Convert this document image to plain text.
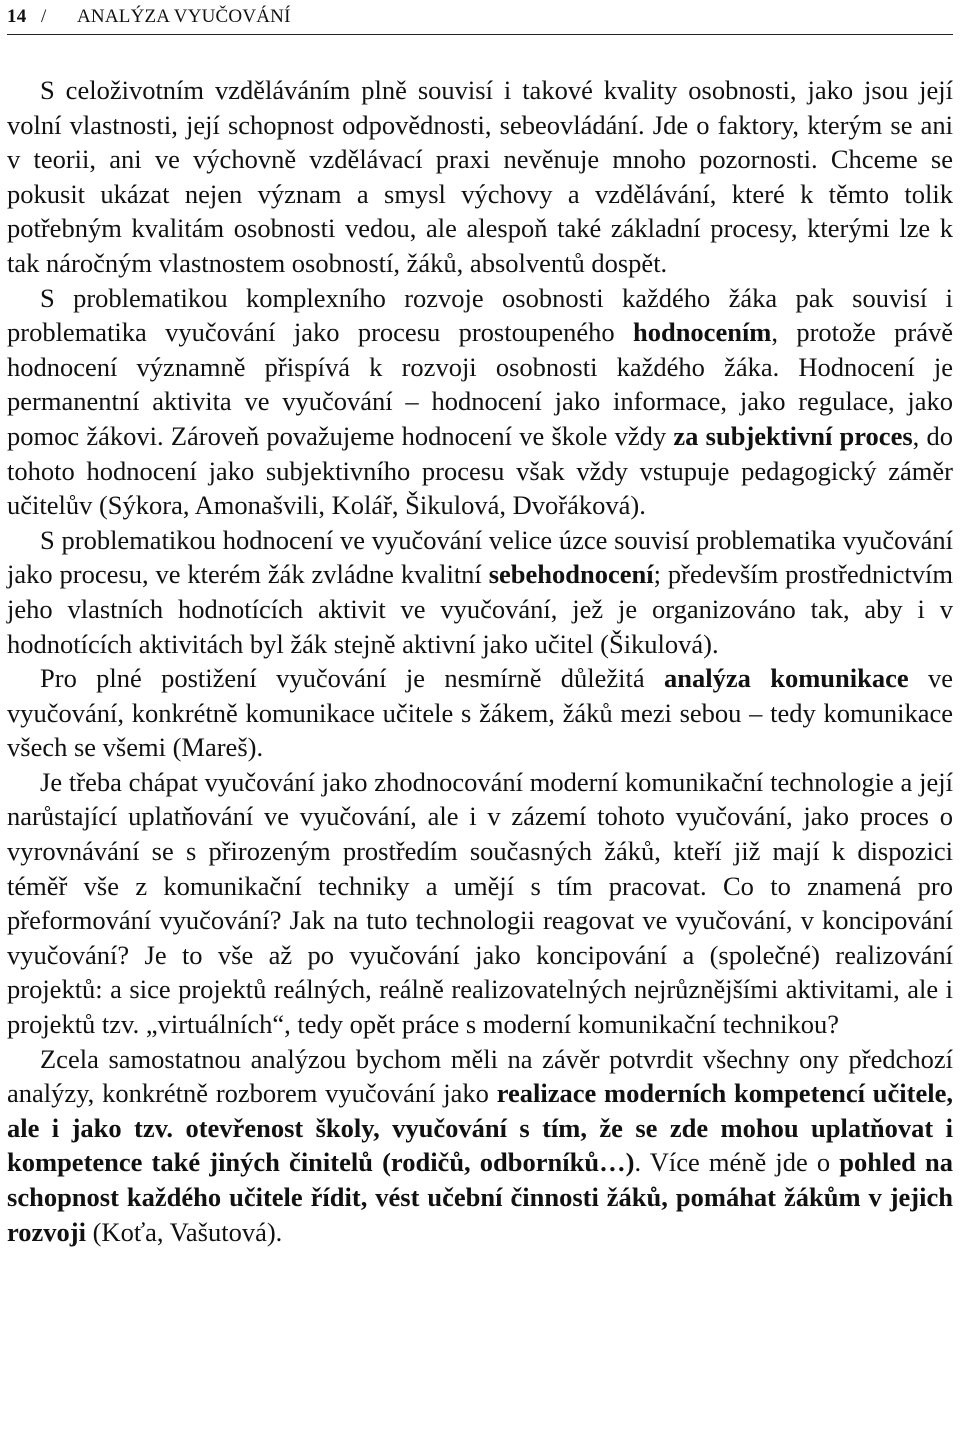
14 /	ANALÝZA VYUČOVÁNÍ

S celoživotním vzděláváním plně souvisí i takové kvality osobnosti, jako jsou její volní vlastnosti, její schopnost odpovědnosti, sebeovládání. Jde o faktory, kterým se ani v teorii, ani ve výchovně vzdělávací praxi nevěnuje mnoho pozornosti. Chceme se pokusit ukázat nejen význam a smysl výchovy a vzdělávání, které k těmto tolik potřebným kvalitám osobnosti vedou, ale alespoň také základní procesy, kterými lze k tak náročným vlastnostem osobností, žáků, absolventů dospět.

S problematikou komplexního rozvoje osobnosti každého žáka pak souvisí i problematika vyučování jako procesu prostoupeného hodnocením, protože právě hodnocení významně přispívá k rozvoji osobnosti každého žáka. Hodnocení je permanentní aktivita ve vyučování – hodnocení jako informace, jako regulace, jako pomoc žákovi. Zároveň považujeme hodnocení ve škole vždy za subjektivní proces, do tohoto hodnocení jako subjektivního procesu však vždy vstupuje pedagogický záměr učitelův (Sýkora, Amonašvili, Kolář, Šikulová, Dvořáková).

S problematikou hodnocení ve vyučování velice úzce souvisí problematika vyučování jako procesu, ve kterém žák zvládne kvalitní sebehodnocení; především prostřednictvím jeho vlastních hodnotících aktivit ve vyučování, jež je organizováno tak, aby i v hodnotících aktivitách byl žák stejně aktivní jako učitel (Šikulová).

Pro plné postižení vyučování je nesmírně důležitá analýza komunikace ve vyučování, konkrétně komunikace učitele s žákem, žáků mezi sebou – tedy komunikace všech se všemi (Mareš).

Je třeba chápat vyučování jako zhodnocování moderní komunikační technologie a její narůstající uplatňování ve vyučování, ale i v zázemí tohoto vyučování, jako proces o vyrovnávání se s přirozeným prostředím současných žáků, kteří již mají k dispozici téměř vše z komunikační techniky a umějí s tím pracovat. Co to znamená pro přeformování vyučování? Jak na tuto technologii reagovat ve vyučování, v koncipování vyučování? Je to vše až po vyučování jako koncipování a (společné) realizování projektů: a sice projektů reálných, reálně realizovatelných nejrůznějšími aktivitami, ale i projektů tzv. „virtuálních“, tedy opět práce s moderní komunikační technikou?

Zcela samostatnou analýzou bychom měli na závěr potvrdit všechny ony předchozí analýzy, konkrétně rozborem vyučování jako realizace moderních kompetencí učitele, ale i jako tzv. otevřenost školy, vyučování s tím, že se zde mohou uplatňovat i kompetence také jiných činitelů (rodičů, odborníků…). Více méně jde o pohled na schopnost každého učitele řídit, vést učební činnosti žáků, pomáhat žákům v jejich rozvoji (Koťa, Vašutová).
